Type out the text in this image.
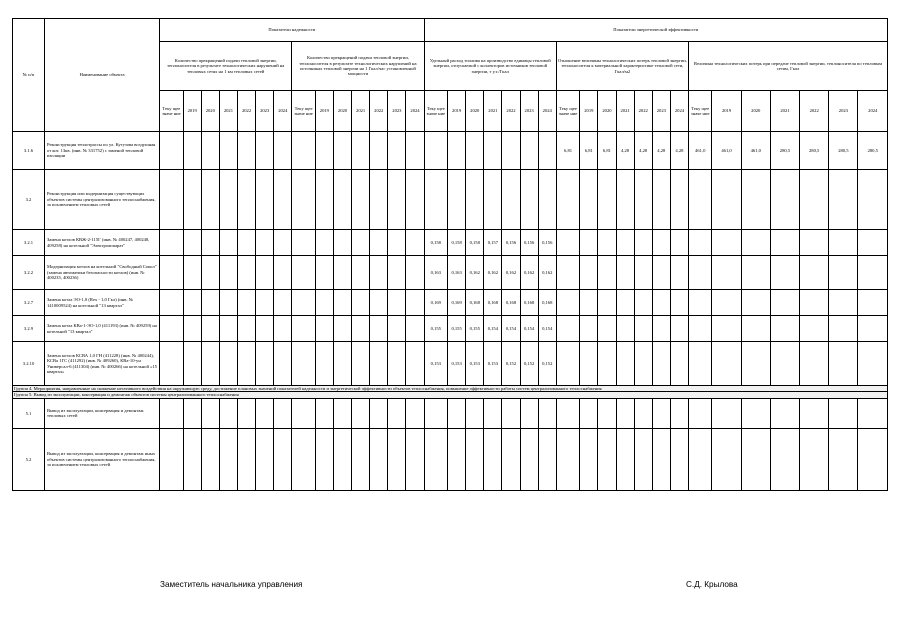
№ п/п	Наименование объекта	Показатели надежности														Показатели энергетической эффективности																				
		Количество прекращений подачи тепловой энергии, теплоносителя в результате технологических нарушений на тепловых сетях на 1 км тепловых сетей							Количество прекращений подачи тепловой энергии, теплоносителя в результате технологических нарушений на источниках тепловой энергии на 1 Гкал/час установленной мощности							Удельный расход топлива на производство единицы тепловой энергии, отпускаемой с коллекторов источников тепловой энергии, т у.т./Гкал							Отношение величины технологических потерь тепловой энергии, теплоносителя к материальной характеристике тепловой сети, Гкал/м2							Величина технологических потерь при передаче тепловой энергии, теплоносителя по тепловым сетям, Гкал						
		Теку щее значе ние	2019	2020	2021	2022	2023	2024	Теку щее значе ние	2019	2020	2021	2022	2023	2024	Теку щее значе ние	2019	2020	2021	2022	2023	2024	Теку щее значе ние	2019	2020	2021	2022	2023	2024	Теку щее значе ние	2019	2020	2021	2022	2023	2024
3.1.6	Реконструкция теплотрассы по ул. Кутузова воздушная от кот. 13кв. (инв. № 331752) с заменой тепловой изоляции																						6,81	6,81	6,81	4,28	4,28	4,28	4,28	461,0	461,0	461,0	280,5	280,5	280,5	280,5
3.2	Реконструкция или модернизация существующих объектов системы централизованного теплоснабжения, за исключением тепловых сетей																																			
3.2.1	Замена котлов КВЖ-2-115Г (инв. № 400247, 400248, 409258) на котельной "Электроаппарат"															0,158	0,158	0,158	0,157	0,156	0,156	0,156														
3.2.2	Модернизация котлов на котельной "Свободный Сокол" (замена автоматики безопасности котлов) (инв. № 400235, 400236)															0,163	0,163	0,162	0,162	0,162	0,162	0,162														
3.2.7	Замена котла ЭО-1,0 (Rex - 1,0 Гкл) (инв. № 1410009524) на котельной "13 квартал"															0,169	0,169	0,168	0,168	0,168	0,168	0,168														
3.2.9	Замена котла КВа-1-ЭО-1,0 (411193) (инв. № 409259) на котельной "13 квартал"															0,155	0,155	0,155	0,154	0,154	0,154	0,154														
3.2.10	Замена котлов КСВА 1,0 ГН (411228) (инв. № 400244), КСВа 1ГС (411292) (инв. № 409260), КВа-10-ун Универсал-6 (411304) (инв. № 400266) на котельной «15 квартал»															0,153	0,153	0,153	0,153	0,152	0,152	0,152														
Группа 4. Мероприятия, направленные на снижение негативного воздействия на окружающую среду, достижение плановых значений показателей надежности и энергетической эффективности объектов теплоснабжения, повышение эффективности работы систем централизованного теплоснабжения																																				
Группа 5. Вывод из эксплуатации, консервация и демонтаж объектов системы централизованного теплоснабжения																																				
5.1	Вывод из эксплуатации, консервация и демонтаж тепловых сетей																																			
5.2	Вывод из эксплуатации, консервация и демонтаж иных объектов системы централизованного теплоснабжения, за исключением тепловых сетей																																			
Заместитель начальника управления	С.Д. Крылова
